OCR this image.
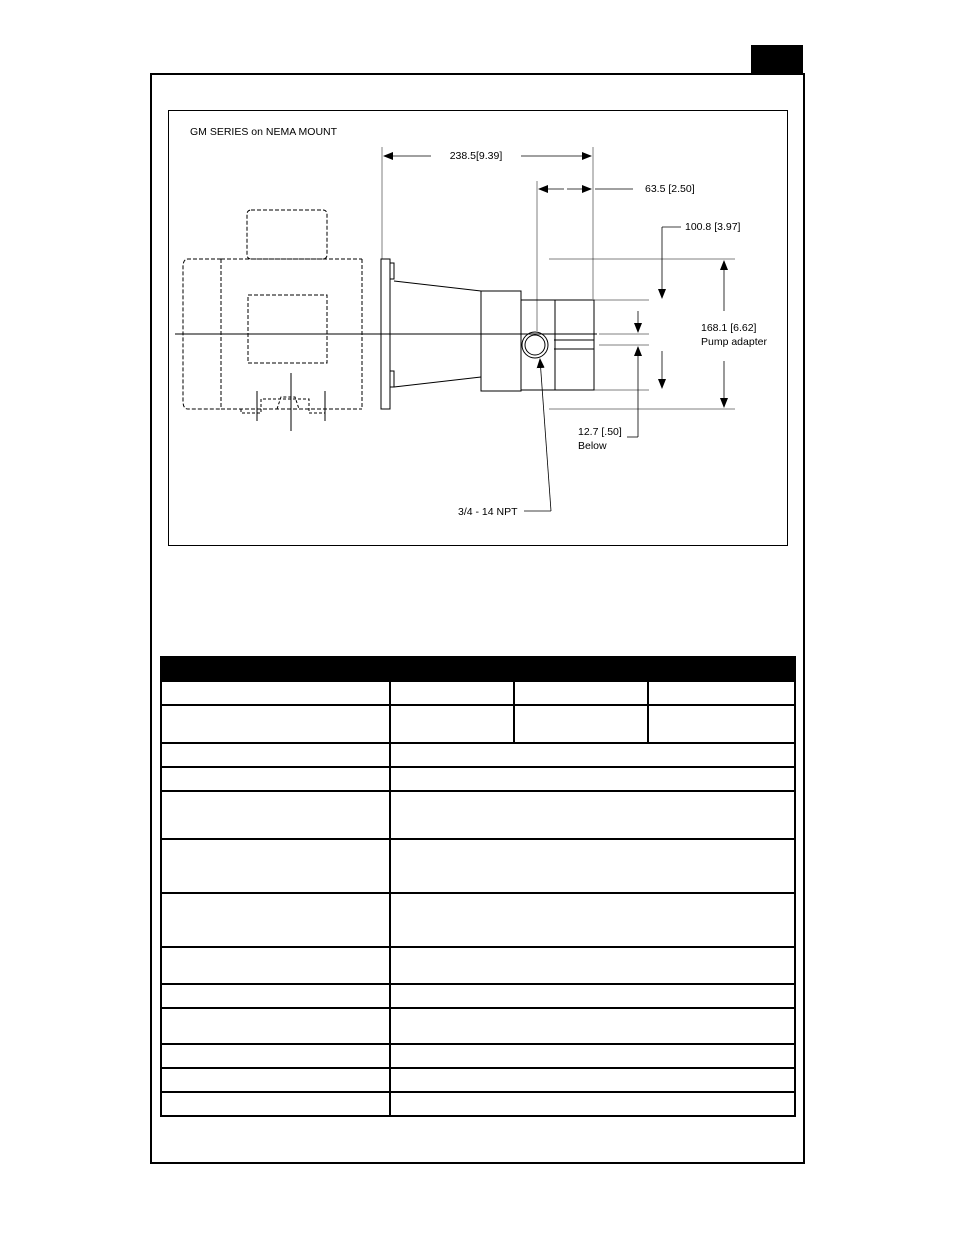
GM SERIES on NEMA MOUNT
238.5[9.39]
63.5 [2.50]
100.8 [3.97]
168.1 [6.62]
Pump adapter
12.7 [.50]
Below
3/4 - 14 NPT
